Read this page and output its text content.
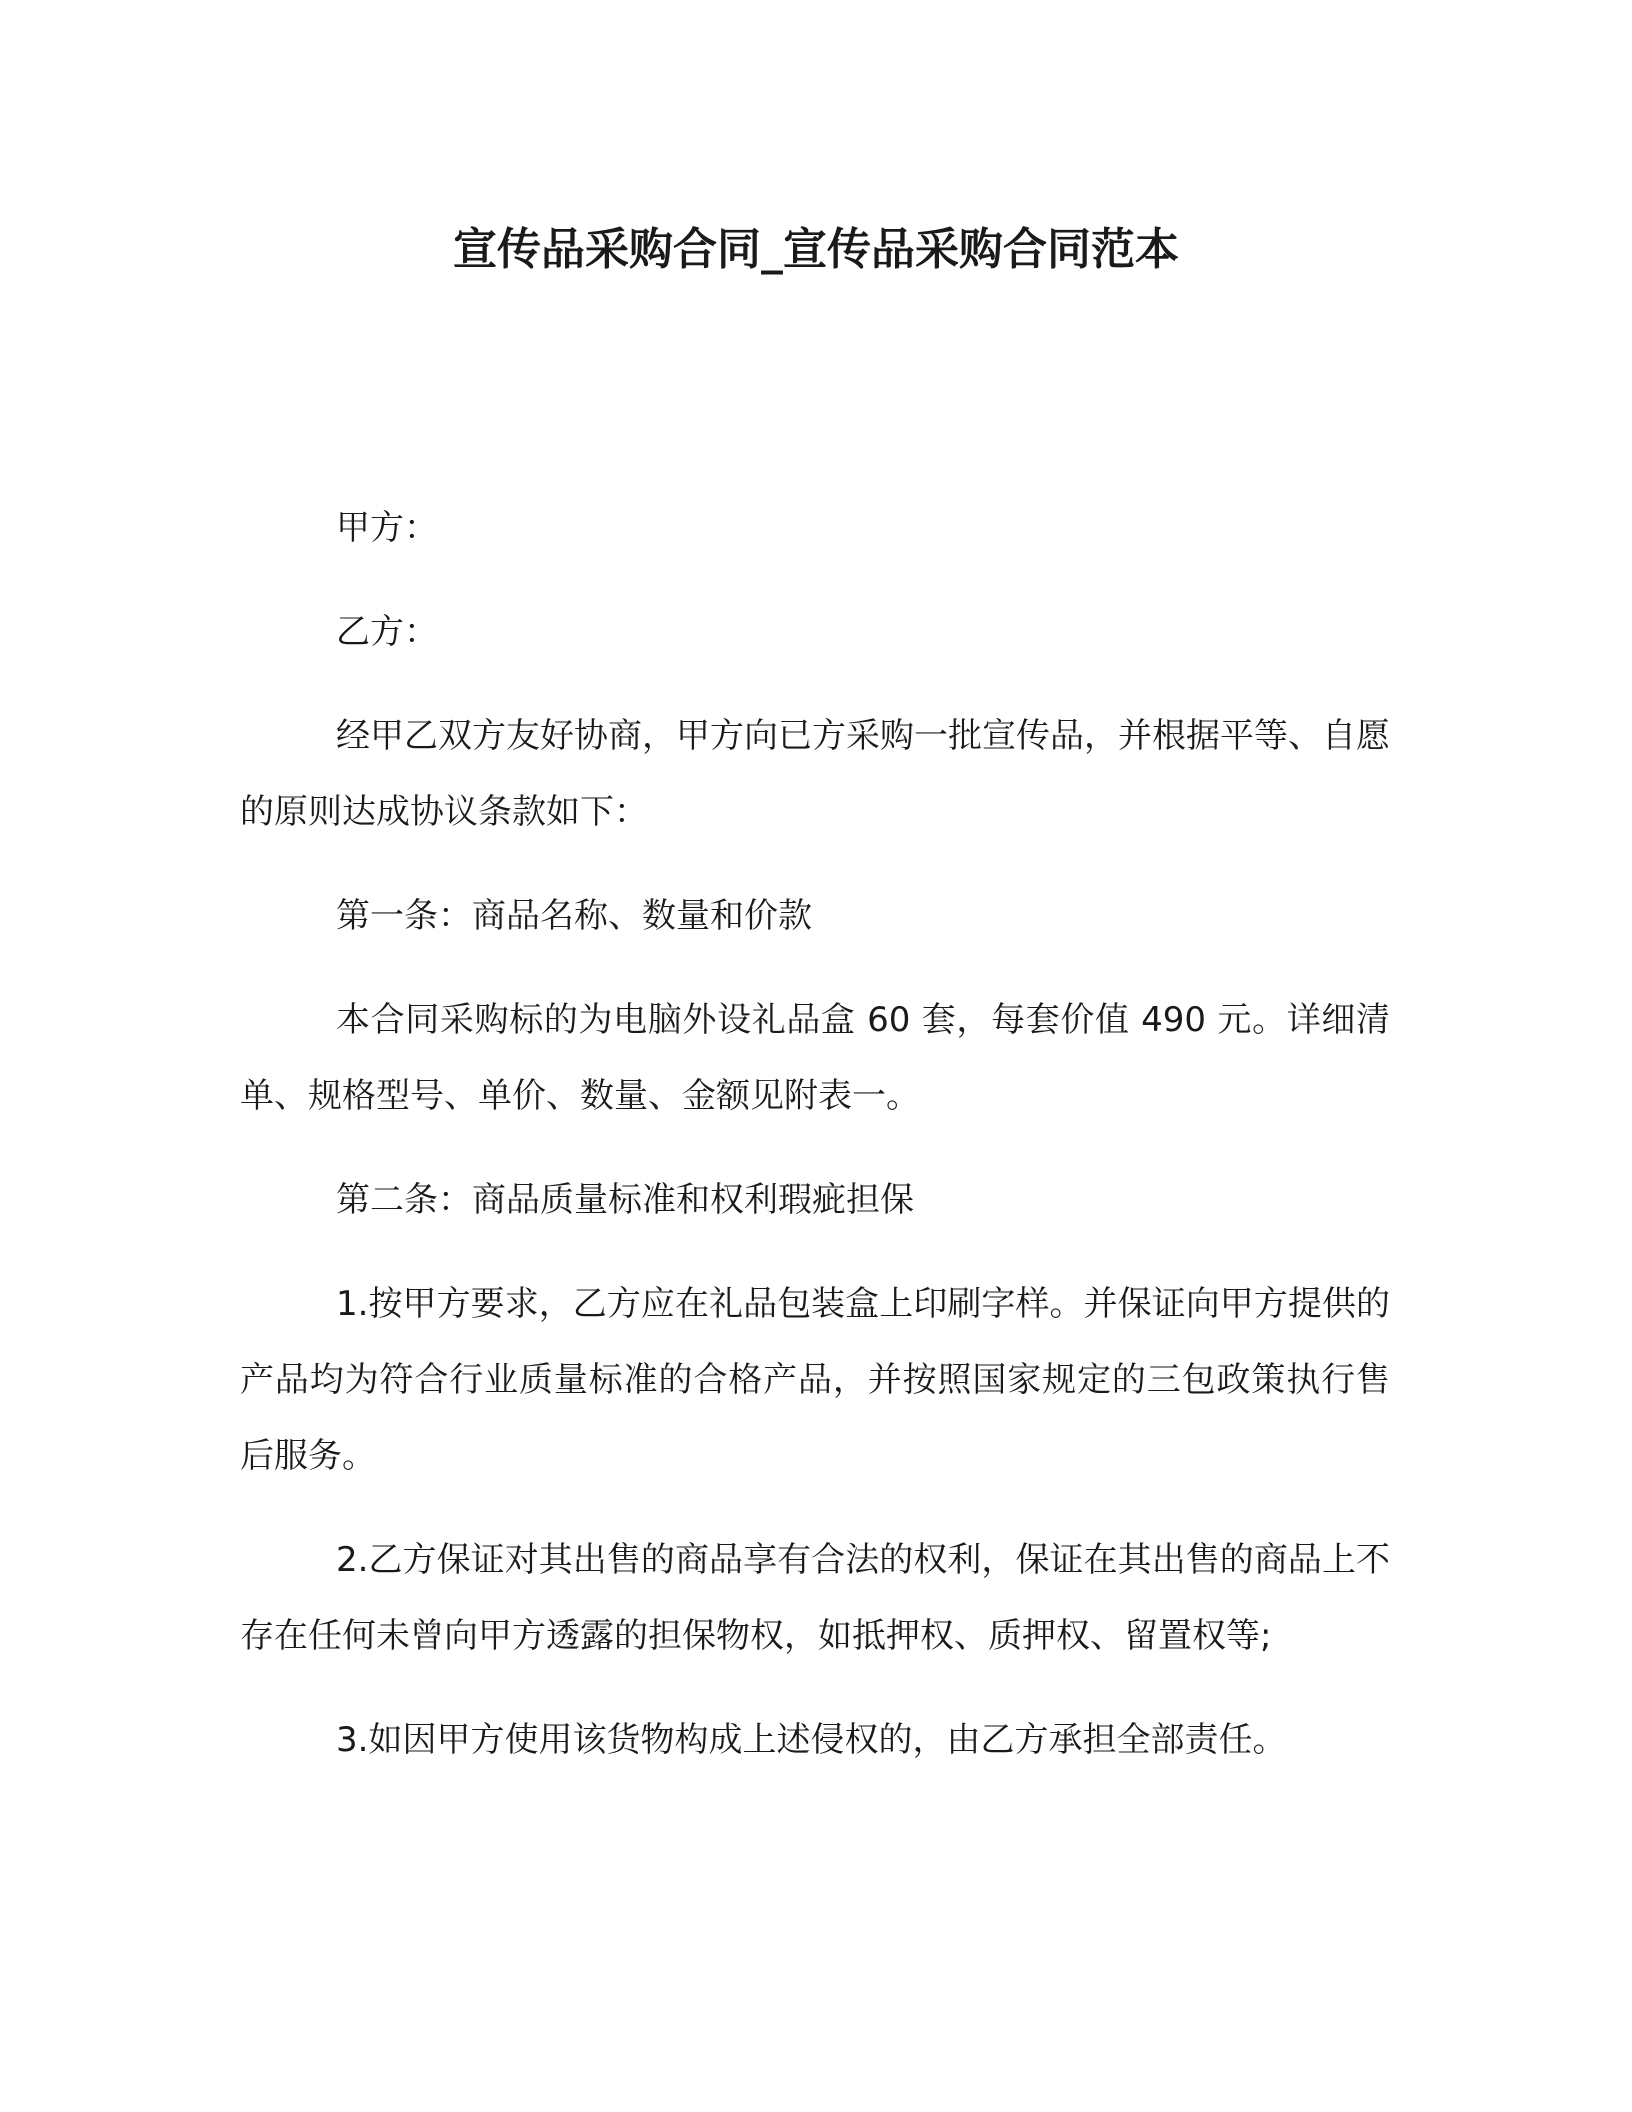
宣传品采购合同_宣传品采购合同范本

甲方：

乙方：

经甲乙双方友好协商，甲方向已方采购一批宣传品，并根据平等、自愿的原则达成协议条款如下：

第一条：商品名称、数量和价款

本合同采购标的为电脑外设礼品盒 60 套，每套价值 490 元。详细清单、规格型号、单价、数量、金额见附表一。

第二条：商品质量标准和权利瑕疵担保

1.按甲方要求，乙方应在礼品包装盒上印刷字样。并保证向甲方提供的产品均为符合行业质量标准的合格产品，并按照国家规定的三包政策执行售后服务。

2.乙方保证对其出售的商品享有合法的权利，保证在其出售的商品上不存在任何未曾向甲方透露的担保物权，如抵押权、质押权、留置权等;

3.如因甲方使用该货物构成上述侵权的，由乙方承担全部责任。
